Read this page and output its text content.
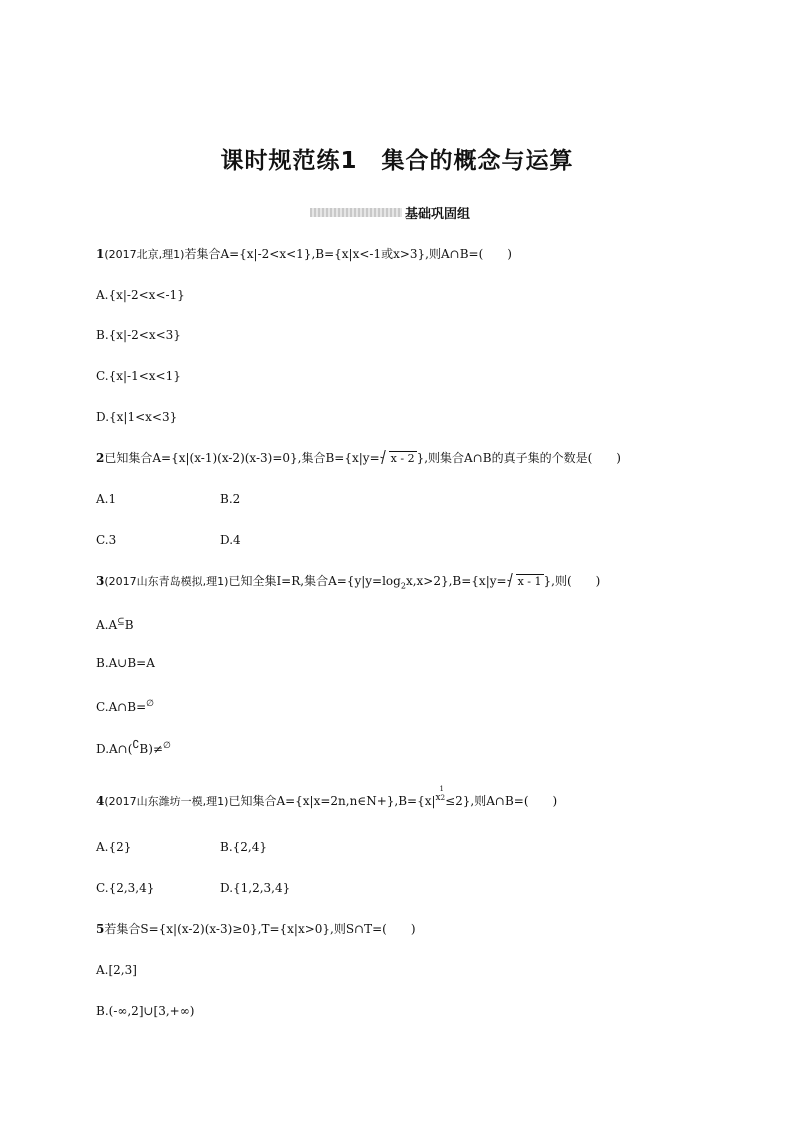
课时规范练1　集合的概念与运算
基础巩固组
1(2017北京,理1)若集合A={x|-2<x<1},B={x|x<-1或x>3},则A∩B=(　　)
A.{x|-2<x<-1}
B.{x|-2<x<3}
C.{x|-1<x<1}
D.{x|1<x<3}
2已知集合A={x|(x-1)(x-2)(x-3)=0},集合B={x|y= x - 2 },则集合A∩B的真子集的个数是(　　)
A.1	B.2
C.3	D.4
3(2017山东青岛模拟,理1)已知全集I=R,集合$A=\{y|y=\log_2x,x>2\},B=\{x|y= x - 1$ },则(　　)
A.A⊆B
B.A∪B=A
C.A∩B=∅
D.A∩(∁B)≠∅
4(2017山东潍坊一模,理1)已知集合A={x|x=2n,n∈N+},B={x|
1
x2≤2},则A∩B=(　　)
A.{2}	B.{2,4}
C.{2,3,4}	D.{1,2,3,4}
5若集合S={x|(x-2)(x-3)≥0},T={x|x>0},则S∩T=(　　)
A.[2,3]
B.(-∞,2]∪[3,+∞)
